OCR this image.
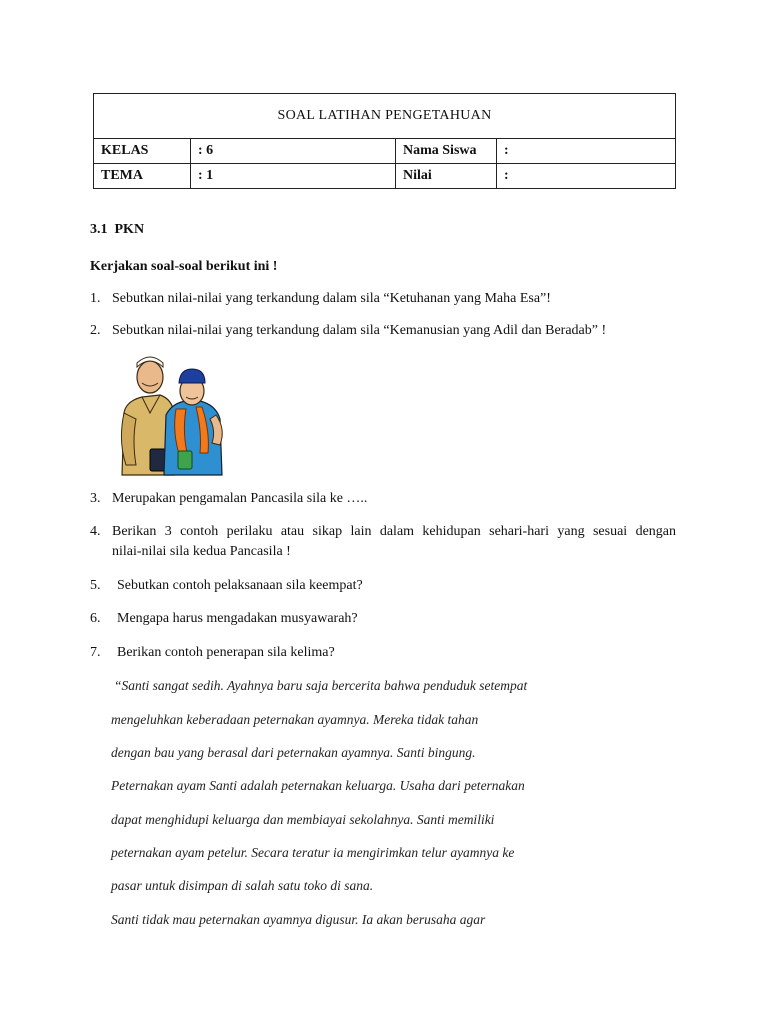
SOAL LATIHAN PENGETAHUAN			
KELAS	: 6	Nama Siswa	:
TEMA	: 1	Nilai	:
3.1 PKN
Kerjakan soal-soal berikut ini !
1. Sebutkan nilai-nilai yang terkandung dalam sila “Ketuhanan yang Maha Esa”!
2. Sebutkan nilai-nilai yang terkandung dalam sila “Kemanusian yang Adil dan Beradab” !
3. Merupakan pengamalan Pancasila sila ke …..
4. Berikan 3 contoh perilaku atau sikap lain dalam kehidupan sehari-hari yang sesuai dengan
nilai-nilai sila kedua Pancasila !
5. Sebutkan contoh pelaksanaan sila keempat?
6. Mengapa harus mengadakan musyawarah?
7. Berikan contoh penerapan sila kelima?
“Santi sangat sedih. Ayahnya baru saja bercerita bahwa penduduk setempat
mengeluhkan keberadaan peternakan ayamnya. Mereka tidak tahan
dengan bau yang berasal dari peternakan ayamnya. Santi bingung.
Peternakan ayam Santi adalah peternakan keluarga. Usaha dari peternakan
dapat menghidupi keluarga dan membiayai sekolahnya. Santi memiliki
peternakan ayam petelur. Secara teratur ia mengirimkan telur ayamnya ke
pasar untuk disimpan di salah satu toko di sana.
Santi tidak mau peternakan ayamnya digusur. Ia akan berusaha agar
